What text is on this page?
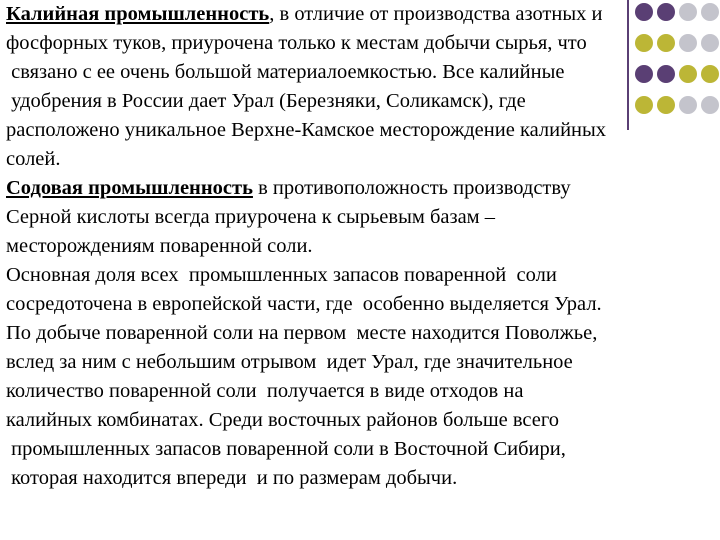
Калийная промышленность, в отличие от производства азотных и
фосфорных туков, приурочена только к местам добычи сырья, что
связано с ее очень большой материалоемкостью. Все калийные
удобрения в России дает Урал (Березняки, Соликамск), где
расположено уникальное Верхне-Камское месторождение калийных
солей.
Содовая промышленность в противоположность производству
Серной кислоты всегда приурочена к сырьевым базам –
месторождениям поваренной соли.
Основная доля всех  промышленных запасов поваренной  соли
сосредоточена в европейской части, где  особенно выделяется Урал.
По добыче поваренной соли на первом  месте находится Поволжье,
вслед за ним с небольшим отрывом  идет Урал, где значительное
количество поваренной соли  получается в виде отходов на
калийных комбинатах. Среди восточных районов больше всего
промышленных запасов поваренной соли в Восточной Сибири,
которая находится впереди  и по размерам добычи.
